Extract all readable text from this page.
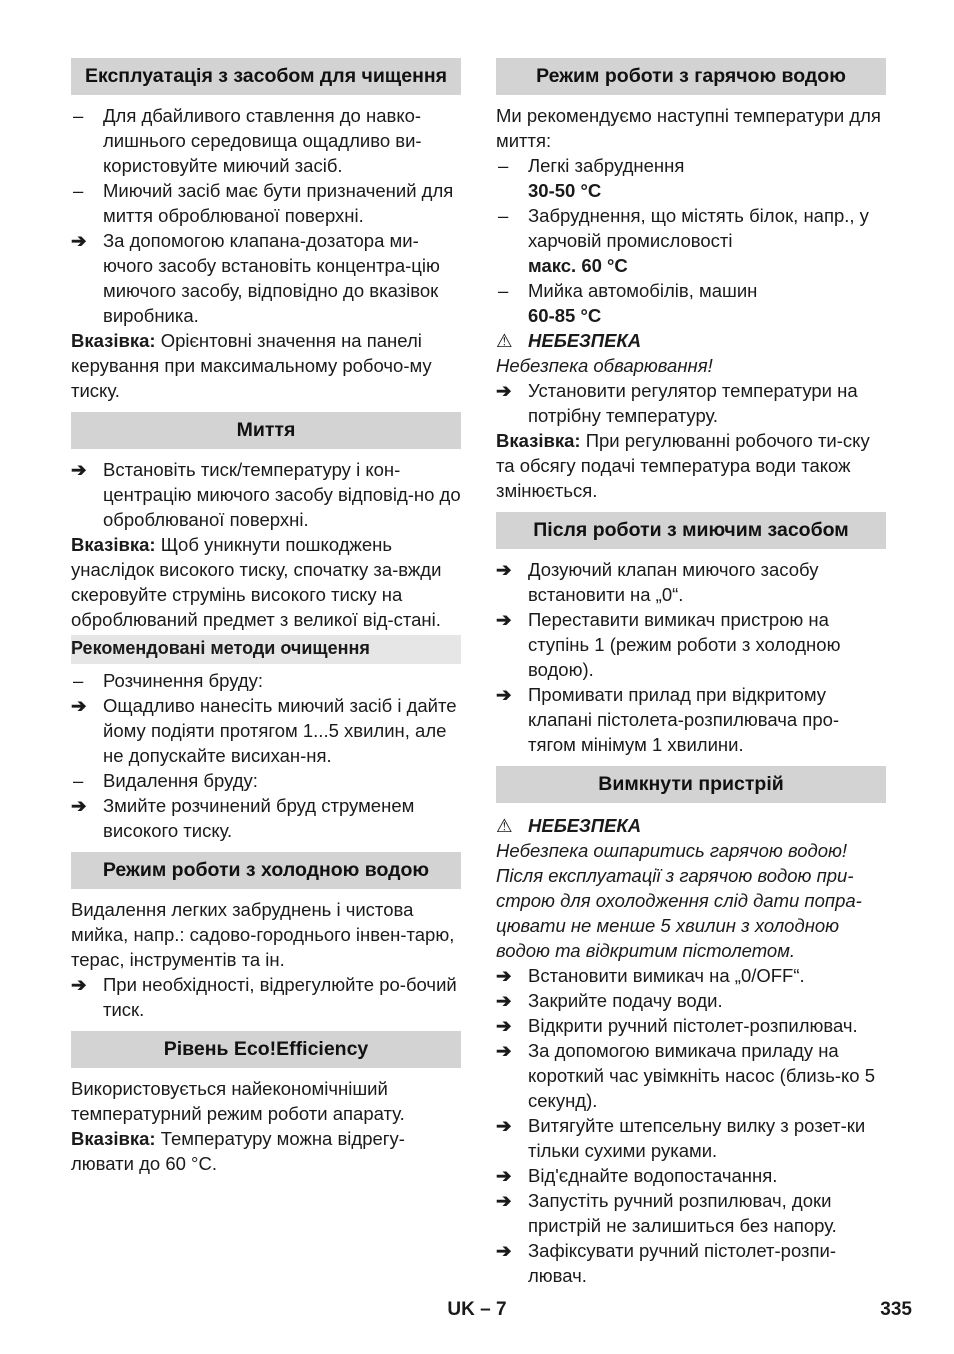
Експлуатація з засобом для чищення
–	Для дбайливого ставлення до навко-лишнього середовища ощадливо ви-користовуйте миючий засіб.
–	Миючий засіб має бути призначений для миття оброблюваної поверхні.
➔ За допомогою клапана-дозатора ми-ючого засобу встановіть концентра-цію миючого засобу, відповідно до вказівок виробника.
Вказівка: Орієнтовні значення на панелі керування при максимальному робочо-му тиску.
Миття
➔ Встановіть тиск/температуру і кон-центрацію миючого засобу відповід-но до оброблюваної поверхні.
Вказівка: Щоб уникнути пошкоджень унаслідок високого тиску, спочатку за-вжди скеровуйте струмінь високого тиску на оброблюваний предмет з великої від-стані.
Рекомендовані методи очищення
–	Розчинення бруду:
➔ Ощадливо нанесіть миючий засіб і дайте йому подіяти протягом 1...5 хвилин, але не допускайте висихан-ня.
–	Видалення бруду:
➔ Змийте розчинений бруд струменем високого тиску.
Режим роботи з холодною водою
Видалення легких забруднень і чистова мийка, напр.: садово-городнього інвен-тарю, терас, інструментів та ін.
➔ При необхідності, відрегулюйте ро-бочий тиск.
Рівень Eco!Efficiency
Використовується найекономічніший температурний режим роботи апарату.
Вказівка: Температуру можна відрегу-лювати до 60 °C.
Режим роботи з гарячою водою
Ми рекомендуємо наступні температури для миття:
–	Легкі забруднення
30-50 °C
–	Забруднення, що містять білок, напр., у харчовій промисловості
макс. 60 °C
–	Мийка автомобілів, машин
60-85 °C
⚠ НЕБЕЗПЕКА
Небезпека обварювання!
➔ Установити регулятор температури на потрібну температуру.
Вказівка: При регулюванні робочого ти-ску та обсягу подачі температура води також змінюється.
Після роботи з миючим засобом
➔ Дозуючий клапан миючого засобу встановити на „0“.
➔ Переставити вимикач пристрою на ступінь 1 (режим роботи з холодною водою).
➔ Промивати прилад при відкритому клапані пістолета-розпилювача про-тягом мінімум 1 хвилини.
Вимкнути пристрій
⚠ НЕБЕЗПЕКА
Небезпека ошпаритись гарячою водою! Після експлуатації з гарячою водою при-строю для охолодження слід дати попра-цювати не менше 5 хвилин з холодною водою та відкритим пістолетом.
➔ Встановити вимикач на „0/OFF“.
➔ Закрийте подачу води.
➔ Відкрити ручний пістолет-розпилювач.
➔ За допомогою вимикача приладу на короткий час увімкніть насос (близь-ко 5 секунд).
➔ Витягуйте штепсельну вилку з розет-ки тільки сухими руками.
➔ Від'єднайте водопостачання.
➔ Запустіть ручний розпилювач, доки пристрій не залишиться без напору.
➔ Зафіксувати ручний пістолет-розпи-лювач.
UK – 7	335
